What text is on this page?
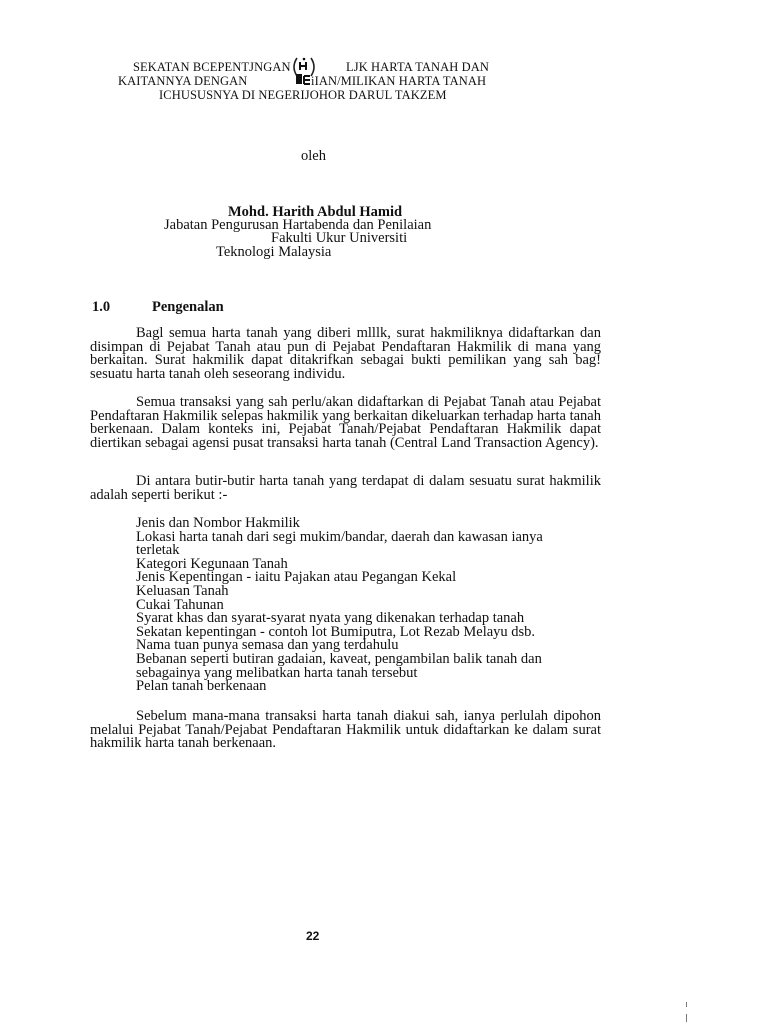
SEKATAN BCEPENTJNGAN	LJK HARTA TANAH DAN
KAITANNYA DENGAN	iIAN/MILIKAN HARTA TANAH
ICHUSUSNYA DI NEGERIJOHOR DARUL TAKZEM
oleh
Mohd. Harith Abdul Hamid
Jabatan Pengurusan Hartabenda dan Penilaian
Fakulti Ukur Universiti
Teknologi Malaysia
1.0	Pengenalan
Bagl semua harta tanah yang diberi mlllk, surat hakmiliknya didaftarkan dan disimpan di Pejabat Tanah atau pun di Pejabat Pendaftaran Hakmilik di mana yang berkaitan. Surat hakmilik dapat ditakrifkan sebagai bukti pemilikan yang sah bag! sesuatu harta tanah oleh seseorang individu.
Semua transaksi yang sah perlu/akan didaftarkan di Pejabat Tanah atau Pejabat Pendaftaran Hakmilik selepas hakmilik yang berkaitan dikeluarkan terhadap harta tanah berkenaan. Dalam konteks ini, Pejabat Tanah/Pejabat Pendaftaran Hakmilik dapat diertikan sebagai agensi pusat transaksi harta tanah (Central Land Transaction Agency).
Di antara butir-butir harta tanah yang terdapat di dalam sesuatu surat hakmilik adalah seperti berikut :-
Jenis dan Nombor Hakmilik
Lokasi harta tanah dari segi mukim/bandar, daerah dan kawasan ianya
terletak
Kategori Kegunaan Tanah
Jenis Kepentingan - iaitu Pajakan atau Pegangan Kekal
Keluasan Tanah
Cukai Tahunan
Syarat khas dan syarat-syarat nyata yang dikenakan terhadap tanah
Sekatan kepentingan - contoh lot Bumiputra, Lot Rezab Melayu dsb.
Nama tuan punya semasa dan yang terdahulu
Bebanan seperti butiran gadaian, kaveat, pengambilan balik tanah dan
sebagainya yang melibatkan harta tanah tersebut
Pelan tanah berkenaan
Sebelum mana-mana transaksi harta tanah diakui sah, ianya perlulah dipohon melalui Pejabat Tanah/Pejabat Pendaftaran Hakmilik untuk didaftarkan ke dalam surat hakmilik harta tanah berkenaan.
22
